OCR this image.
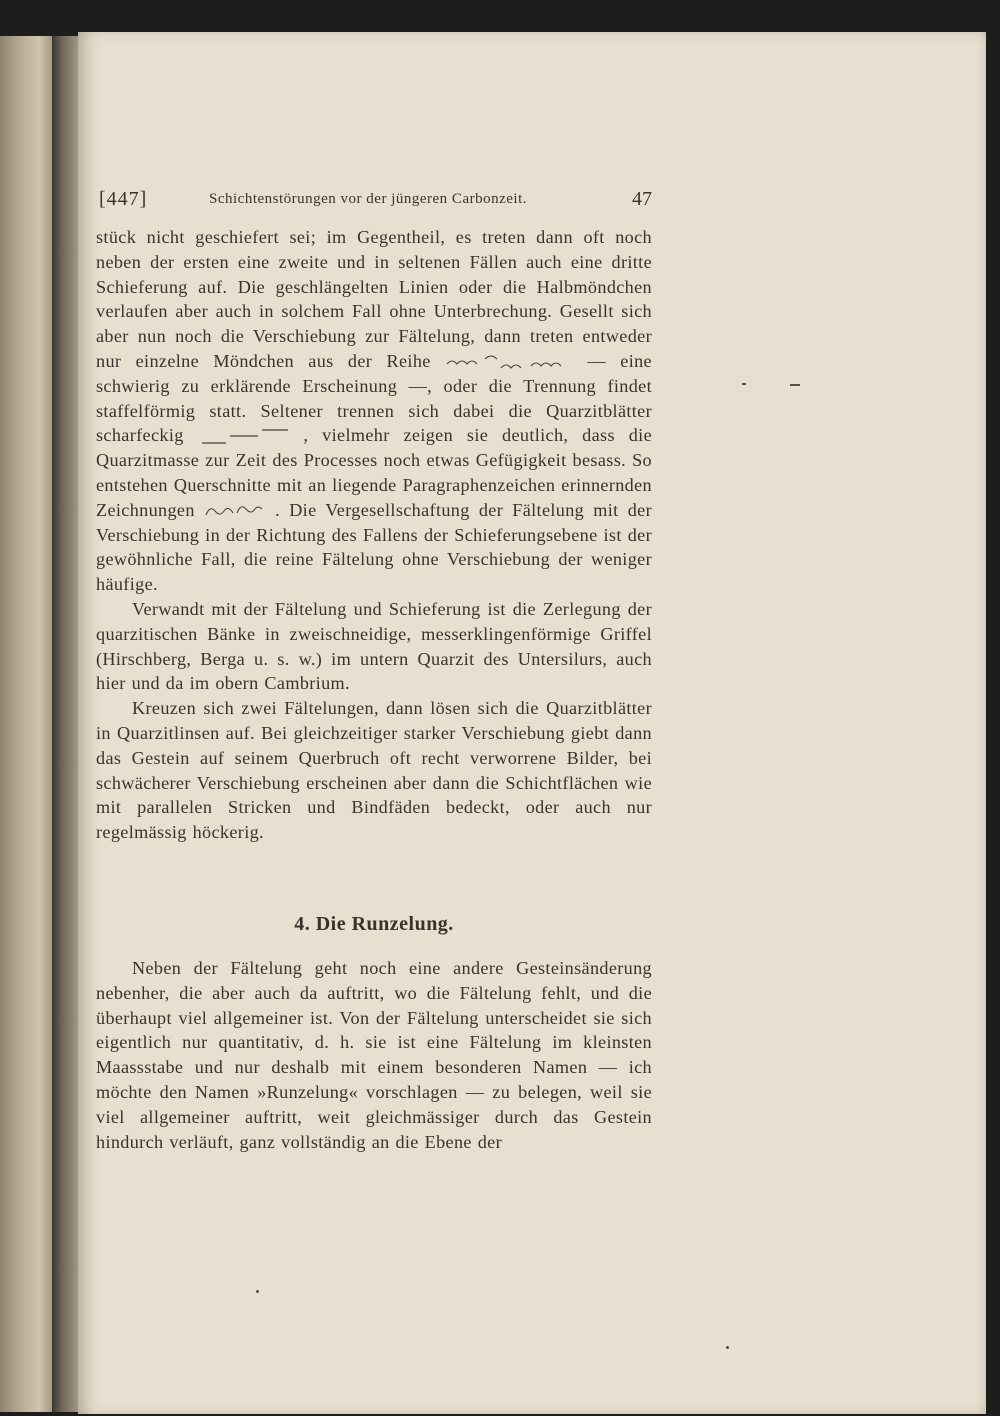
[447]	Schichtenstörungen vor der jüngeren Carbonzeit.	47

stück nicht geschiefert sei; im Gegentheil, es treten dann oft noch neben der ersten eine zweite und in seltenen Fällen auch eine dritte Schieferung auf. Die geschlängelten Linien oder die Halbmöndchen verlaufen aber auch in solchem Fall ohne Unterbrechung. Gesellt sich aber nun noch die Verschiebung zur Fältelung, dann treten entweder nur einzelne Möndchen aus der Reihe	— eine schwierig zu erklärende Erscheinung —, oder die Trennung findet staffelförmig statt. Seltener trennen sich dabei die Quarzitblätter scharfeckig	, vielmehr zeigen sie deutlich, dass die Quarzitmasse zur Zeit des Processes noch etwas Gefügigkeit besass. So entstehen Querschnitte mit an liegende Paragraphenzeichen erinnernden Zeichnungen	. Die Vergesellschaftung der Fältelung mit der Verschiebung in der Richtung des Fallens der Schieferungsebene ist der gewöhnliche Fall, die reine Fältelung ohne Verschiebung der weniger häufige.

Verwandt mit der Fältelung und Schieferung ist die Zerlegung der quarzitischen Bänke in zweischneidige, messerklingenförmige Griffel (Hirschberg, Berga u. s. w.) im untern Quarzit des Untersilurs, auch hier und da im obern Cambrium.

Kreuzen sich zwei Fältelungen, dann lösen sich die Quarzitblätter in Quarzitlinsen auf. Bei gleichzeitiger starker Verschiebung giebt dann das Gestein auf seinem Querbruch oft recht verworrene Bilder, bei schwächerer Verschiebung erscheinen aber dann die Schichtflächen wie mit parallelen Stricken und Bindfäden bedeckt, oder auch nur regelmässig höckerig.

4. Die Runzelung.

Neben der Fältelung geht noch eine andere Gesteinsänderung nebenher, die aber auch da auftritt, wo die Fältelung fehlt, und die überhaupt viel allgemeiner ist. Von der Fältelung unterscheidet sie sich eigentlich nur quantitativ, d. h. sie ist eine Fältelung im kleinsten Maassstabe und nur deshalb mit einem besonderen Namen — ich möchte den Namen »Runzelung« vorschlagen — zu belegen, weil sie viel allgemeiner auftritt, weit gleichmässiger durch das Gestein hindurch verläuft, ganz vollständig an die Ebene der
